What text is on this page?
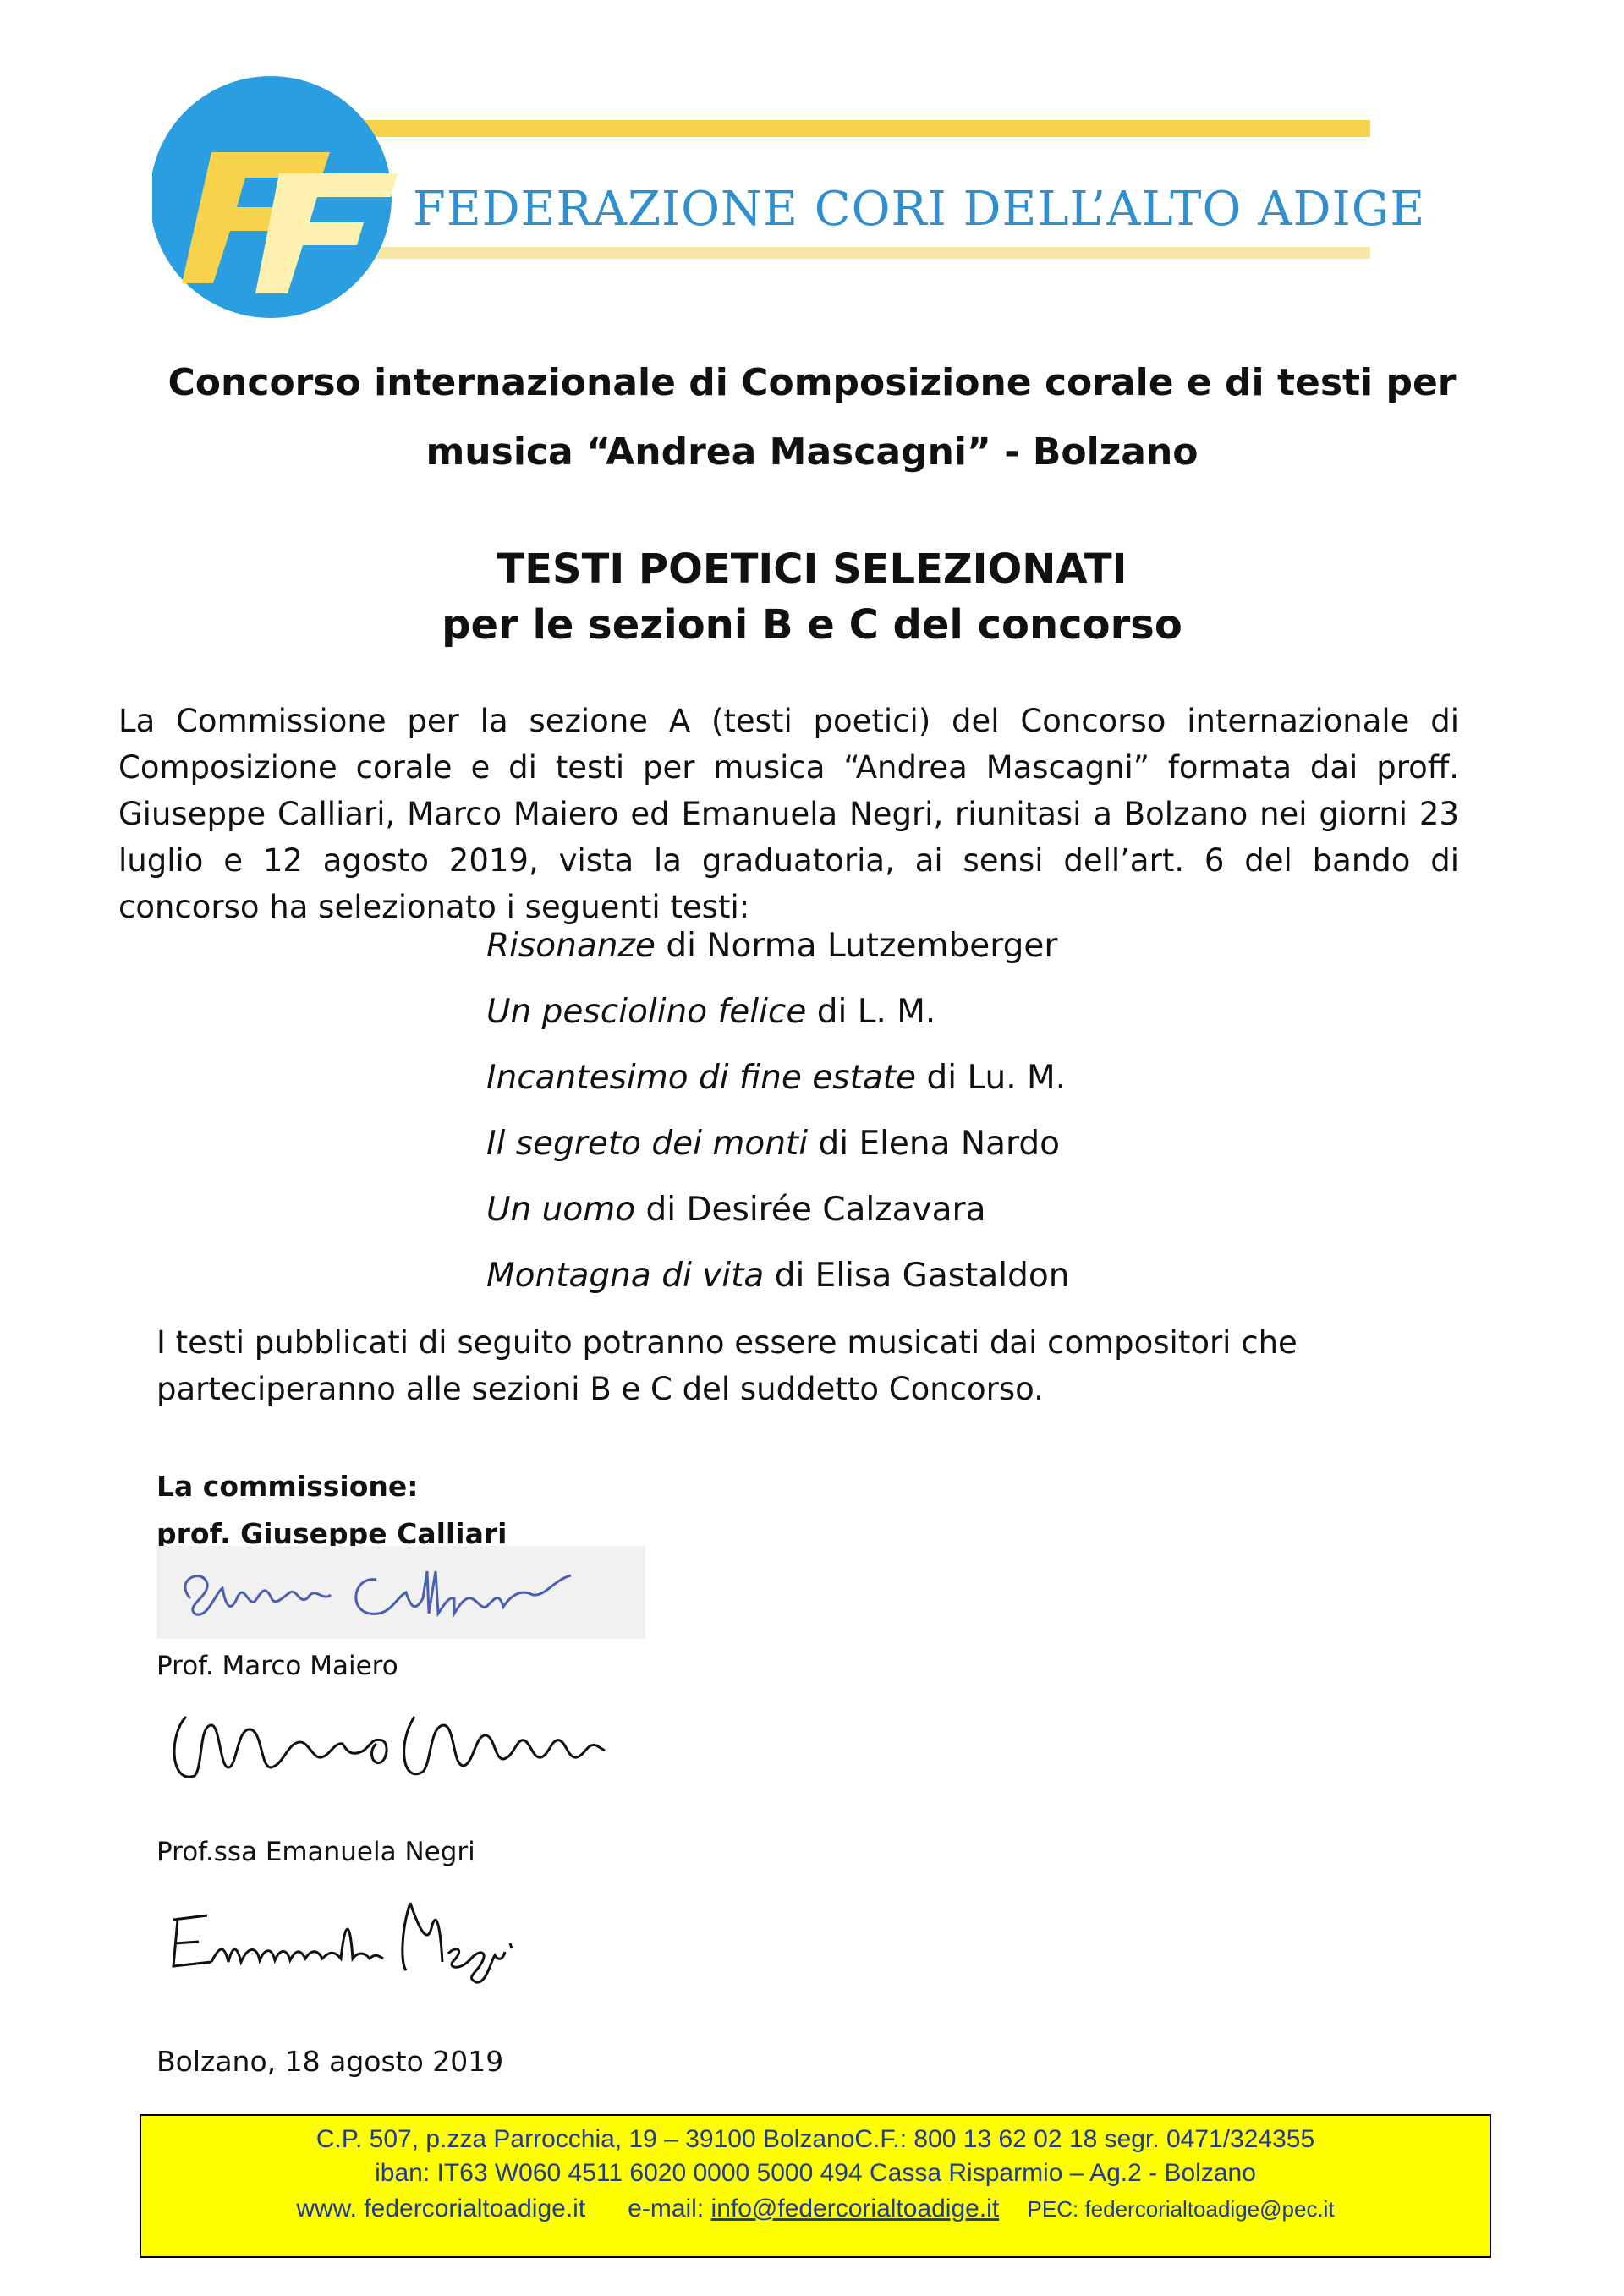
FEDERAZIONE CORI DELL’ALTO ADIGE
Concorso internazionale di Composizione corale e di testi per
musica “Andrea Mascagni” - Bolzano
TESTI POETICI SELEZIONATI
per le sezioni B e C del concorso

La Commissione per la sezione A (testi poetici) del Concorso internazionale di Composizione corale e di testi per musica “Andrea Mascagni” formata dai proff. Giuseppe Calliari, Marco Maiero ed Emanuela Negri, riunitasi a Bolzano nei giorni 23 luglio e 12 agosto 2019, vista la graduatoria, ai sensi dell’art. 6 del bando di concorso ha selezionato i seguenti testi:

Risonanze di Norma Lutzemberger
Un pesciolino felice di L. M.
Incantesimo di fine estate di Lu. M.
Il segreto dei monti di Elena Nardo
Un uomo di Desirée Calzavara
Montagna di vita di Elisa Gastaldon

I testi pubblicati di seguito potranno essere musicati dai compositori che parteciperanno alle sezioni B e C del suddetto Concorso.

La commissione:
prof. Giuseppe Calliari
Prof. Marco Maiero
Prof.ssa Emanuela Negri
Bolzano, 18 agosto 2019
C.P. 507, p.zza Parrocchia, 19 – 39100 BolzanoC.F.: 800 13 62 02 18 segr. 0471/324355
iban: IT63 W060 4511 6020 0000 5000 494 Cassa Risparmio – Ag.2 - Bolzano
www. federcorialtoadige.it e-mail: info@federcorialtoadige.it PEC: federcorialtoadige@pec.it
